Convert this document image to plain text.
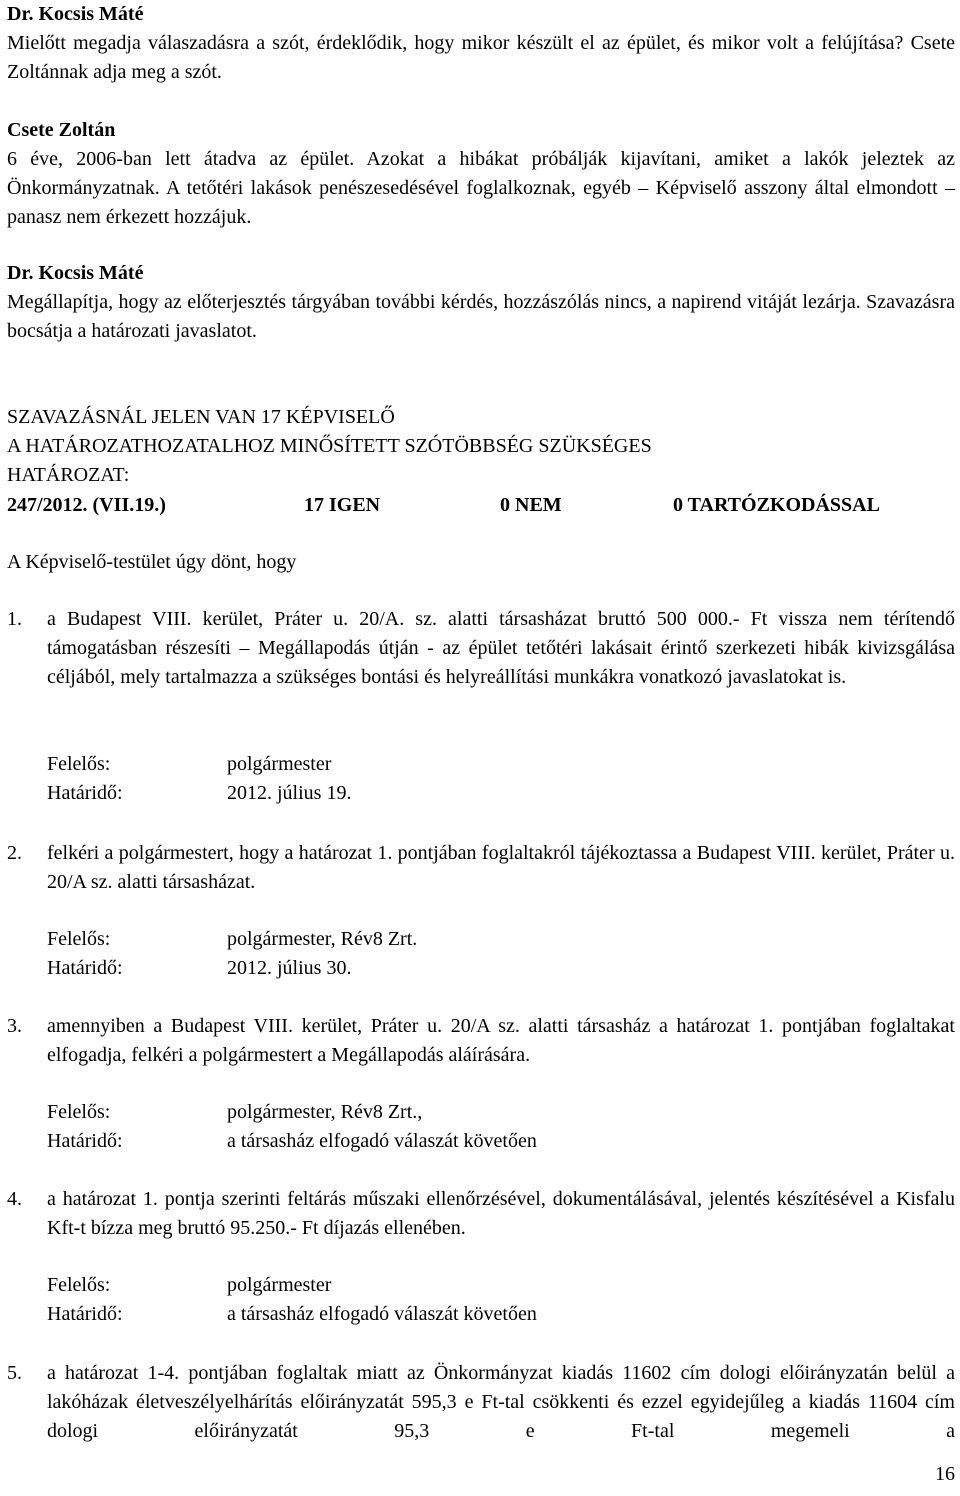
Dr. Kocsis Máté
Mielőtt megadja válaszadásra a szót, érdeklődik, hogy mikor készült el az épület, és mikor volt a felújítása? Csete Zoltánnak adja meg a szót.
Csete Zoltán
6 éve, 2006-ban lett átadva az épület. Azokat a hibákat próbálják kijavítani, amiket a lakók jeleztek az Önkormányzatnak. A tetőtéri lakások penészesedésével foglalkoznak, egyéb – Képviselő asszony által elmondott – panasz nem érkezett hozzájuk.
Dr. Kocsis Máté
Megállapítja, hogy az előterjesztés tárgyában további kérdés, hozzászólás nincs, a napirend vitáját lezárja. Szavazásra bocsátja a határozati javaslatot.
SZAVAZÁSNÁL JELEN VAN 17 KÉPVISELŐ
A HATÁROZATHOZATALHOZ MINŐSÍTETT SZÓTÖBBSÉG SZÜKSÉGES
HATÁROZAT:
247/2012. (VII.19.)	17 IGEN	0 NEM	0 TARTÓZKODÁSSAL
A Képviselő-testület úgy dönt, hogy
1. a Budapest VIII. kerület, Práter u. 20/A. sz. alatti társasházat bruttó 500 000.- Ft vissza nem térítendő támogatásban részesíti – Megállapodás útján - az épület tetőtéri lakásait érintő szerkezeti hibák kivizsgálása céljából, mely tartalmazza a szükséges bontási és helyreállítási munkákra vonatkozó javaslatokat is.
Felelős:	polgármester
Határidő:	2012. július 19.
2. felkéri a polgármestert, hogy a határozat 1. pontjában foglaltakról tájékoztassa a Budapest VIII. kerület, Práter u. 20/A sz. alatti társasházat.
Felelős:	polgármester, Rév8 Zrt.
Határidő:	2012. július 30.
3. amennyiben a Budapest VIII. kerület, Práter u. 20/A sz. alatti társasház a határozat 1. pontjában foglaltakat elfogadja, felkéri a polgármestert a Megállapodás aláírására.
Felelős:	polgármester, Rév8 Zrt.,
Határidő:	a társasház elfogadó válaszát követően
4. a határozat 1. pontja szerinti feltárás műszaki ellenőrzésével, dokumentálásával, jelentés készítésével a Kisfalu Kft-t bízza meg bruttó 95.250.- Ft díjazás ellenében.
Felelős:	polgármester
Határidő:	a társasház elfogadó válaszát követően
5. a határozat 1-4. pontjában foglaltak miatt az Önkormányzat kiadás 11602 cím dologi előirányzatán belül a lakóházak életveszélyelhárítás előirányzatát 595,3 e Ft-tal csökkenti és ezzel egyidejűleg a kiadás 11604 cím dologi előirányzatát 95,3 e Ft-tal megemeli a
16
